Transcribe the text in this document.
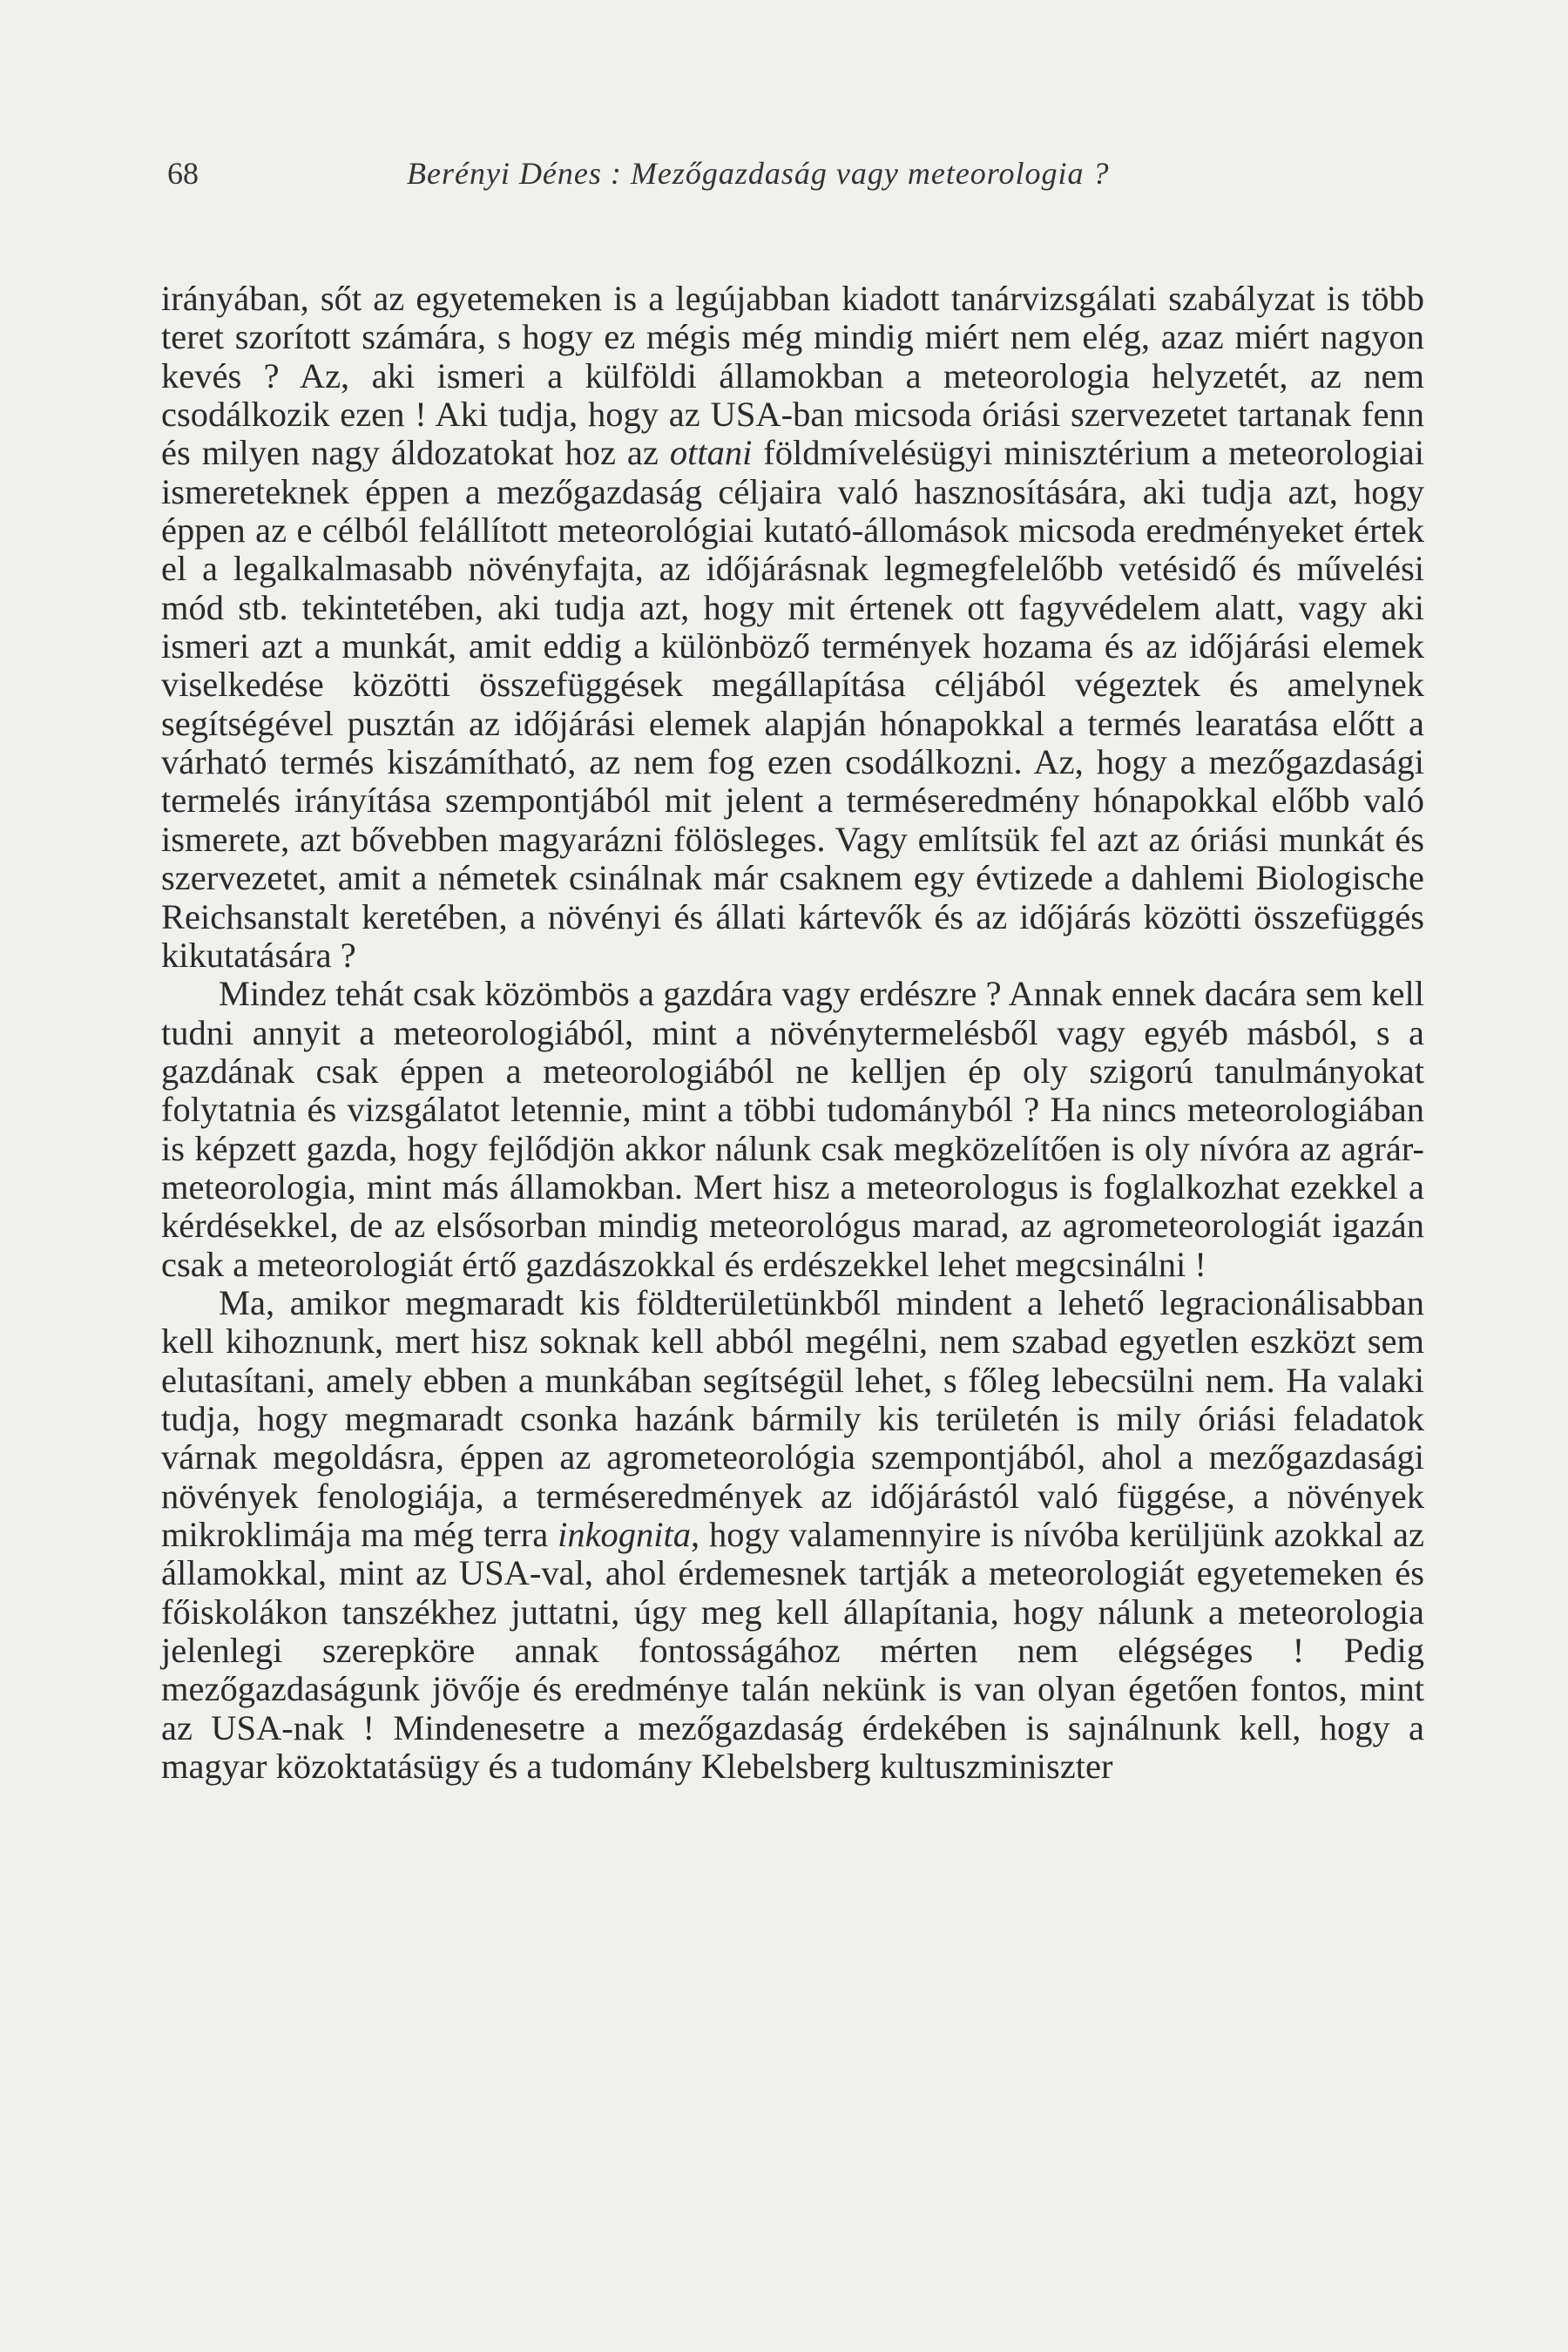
68	Berényi Dénes : Mezőgazdaság vagy meteorologia ?

irányában, sőt az egyetemeken is a legújabban kiadott tanárvizsgálati szabályzat is több teret szorított számára, s hogy ez mégis még mindig miért nem elég, azaz miért nagyon kevés ? Az, aki ismeri a külföldi államokban a meteorologia helyzetét, az nem csodálkozik ezen ! Aki tudja, hogy az USA-ban micsoda óriási szervezetet tartanak fenn és milyen nagy áldozatokat hoz az ottani földmívelésügyi minisztérium a meteorologiai ismereteknek éppen a mezőgazdaság céljaira való hasznosítására, aki tudja azt, hogy éppen az e célból felállított meteorológiai kutató-állomások micsoda eredményeket értek el a legalkalmasabb növényfajta, az időjárásnak legmegfelelőbb vetésidő és művelési mód stb. tekintetében, aki tudja azt, hogy mit értenek ott fagyvédelem alatt, vagy aki ismeri azt a munkát, amit eddig a különböző termények hozama és az időjárási elemek viselkedése közötti összefüggések megállapítása céljából végeztek és amelynek segítségével pusztán az időjárási elemek alapján hónapokkal a termés learatása előtt a várható termés kiszámítható, az nem fog ezen csodálkozni. Az, hogy a mezőgazdasági termelés irányítása szempontjából mit jelent a terméseredmény hónapokkal előbb való ismerete, azt bővebben magyarázni fölösleges. Vagy említsük fel azt az óriási munkát és szervezetet, amit a németek csinálnak már csaknem egy évtizede a dahlemi Biologische Reichsanstalt keretében, a növényi és állati kártevők és az időjárás közötti összefüggés kikutatására ?

Mindez tehát csak közömbös a gazdára vagy erdészre ? Annak ennek dacára sem kell tudni annyit a meteorologiából, mint a növénytermelésből vagy egyéb másból, s a gazdának csak éppen a meteorologiából ne kelljen ép oly szigorú tanulmányokat folytatnia és vizsgálatot letennie, mint a többi tudományból ? Ha nincs meteorologiában is képzett gazda, hogy fejlődjön akkor nálunk csak megközelítően is oly nívóra az agrár-meteorologia, mint más államokban. Mert hisz a meteorologus is foglalkozhat ezekkel a kérdésekkel, de az elsősorban mindig meteorológus marad, az agrometeorologiát igazán csak a meteorologiát értő gazdászokkal és erdészekkel lehet megcsinálni !

Ma, amikor megmaradt kis földterületünkből mindent a lehető legracionálisabban kell kihoznunk, mert hisz soknak kell abból megélni, nem szabad egyetlen eszközt sem elutasítani, amely ebben a munkában segítségül lehet, s főleg lebecsülni nem. Ha valaki tudja, hogy megmaradt csonka hazánk bármily kis területén is mily óriási feladatok várnak megoldásra, éppen az agrometeorológia szempontjából, ahol a mezőgazdasági növények fenologiája, a terméseredmények az időjárástól való függése, a növények mikroklimája ma még terra inkognita, hogy valamennyire is nívóba kerüljünk azokkal az államokkal, mint az USA-val, ahol érdemesnek tartják a meteorologiát egyetemeken és főiskolákon tanszékhez juttatni, úgy meg kell állapítania, hogy nálunk a meteorologia jelenlegi szerepköre annak fontosságához mérten nem elégséges ! Pedig mezőgazdaságunk jövője és eredménye talán nekünk is van olyan égetően fontos, mint az USA-nak ! Mindenesetre a mezőgazdaság érdekében is sajnálnunk kell, hogy a magyar közoktatásügy és a tudomány Klebelsberg kultuszminiszter
